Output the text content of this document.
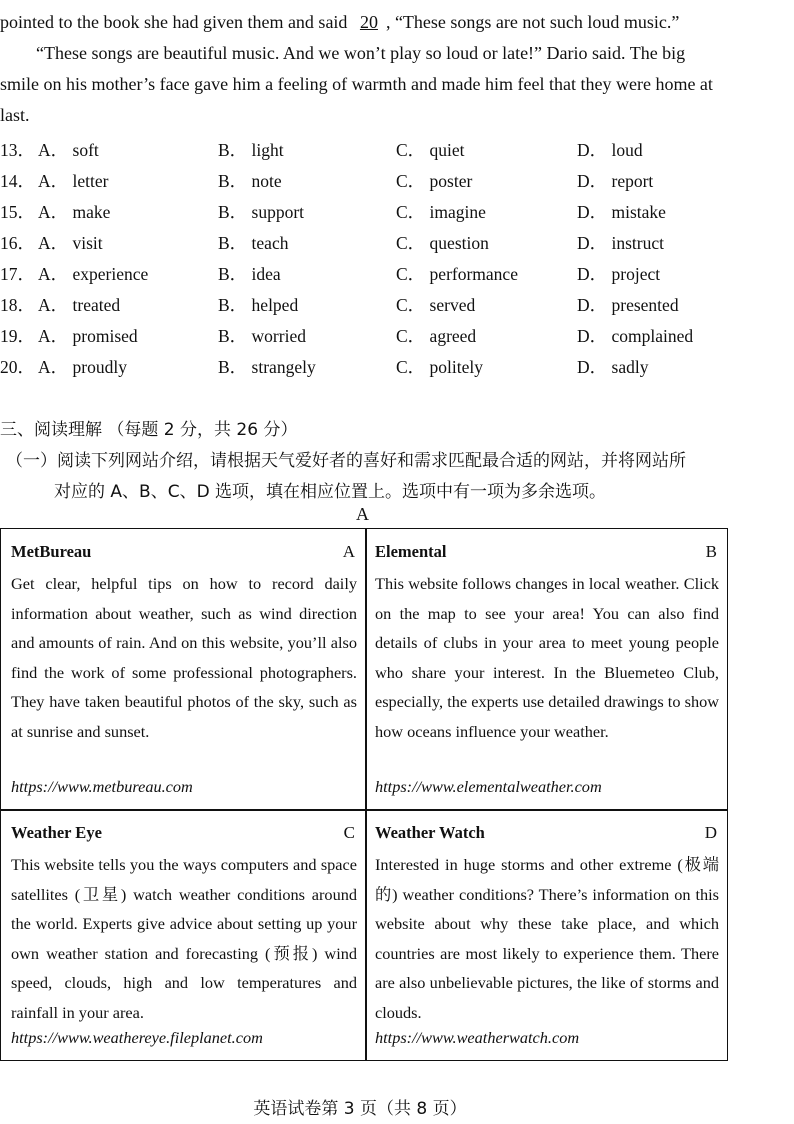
pointed to the book she had given them and said 20 , “These songs are not such loud music.”
“These songs are beautiful music. And we won’t play so loud or late!” Dario said. The big
smile on his mother’s face gave him a feeling of warmth and made him feel that they were home at
last.
13． A． soft	B． light	C． quiet	D． loud
14． A． letter	B． note	C． poster	D． report
15． A． make	B． support	C． imagine	D． mistake
16． A． visit	B． teach	C． question	D． instruct
17． A． experience	B． idea	C． performance	D． project
18． A． treated	B． helped	C． served	D． presented
19． A． promised	B． worried	C． agreed	D． complained
20． A． proudly	B． strangely	C． politely	D． sadly
三、阅读理解 （每题 2 分，共 26 分）
（一）阅读下列网站介绍，请根据天气爱好者的喜好和需求匹配最合适的网站，并将网站所
对应的 A、B、C、D 选项，填在相应位置上。选项中有一项为多余选项。
A
MetBureau	A
Get clear, helpful tips on how to record daily information about weather, such as wind direction and amounts of rain. And on this website, you’ll also find the work of some professional photographers. They have taken beautiful photos of the sky, such as at sunrise and sunset.
https://www.metbureau.com
Elemental	B
This website follows changes in local weather. Click on the map to see your area! You can also find details of clubs in your area to meet young people who share your interest. In the Bluemeteo Club, especially, the experts use detailed drawings to show how oceans influence your weather.
https://www.elementalweather.com
Weather Eye	C
This website tells you the ways computers and space satellites (卫星) watch weather conditions around the world. Experts give advice about setting up your own weather station and forecasting (预报) wind speed, clouds, high and low temperatures and rainfall in your area.
https://www.weathereye.fileplanet.com
Weather Watch	D
Interested in huge storms and other extreme (极端的) weather conditions? There’s information on this website about why these take place, and which countries are most likely to experience them. There are also unbelievable pictures, the like of storms and clouds.
https://www.weatherwatch.com
英语试卷第 3 页（共 8 页）
